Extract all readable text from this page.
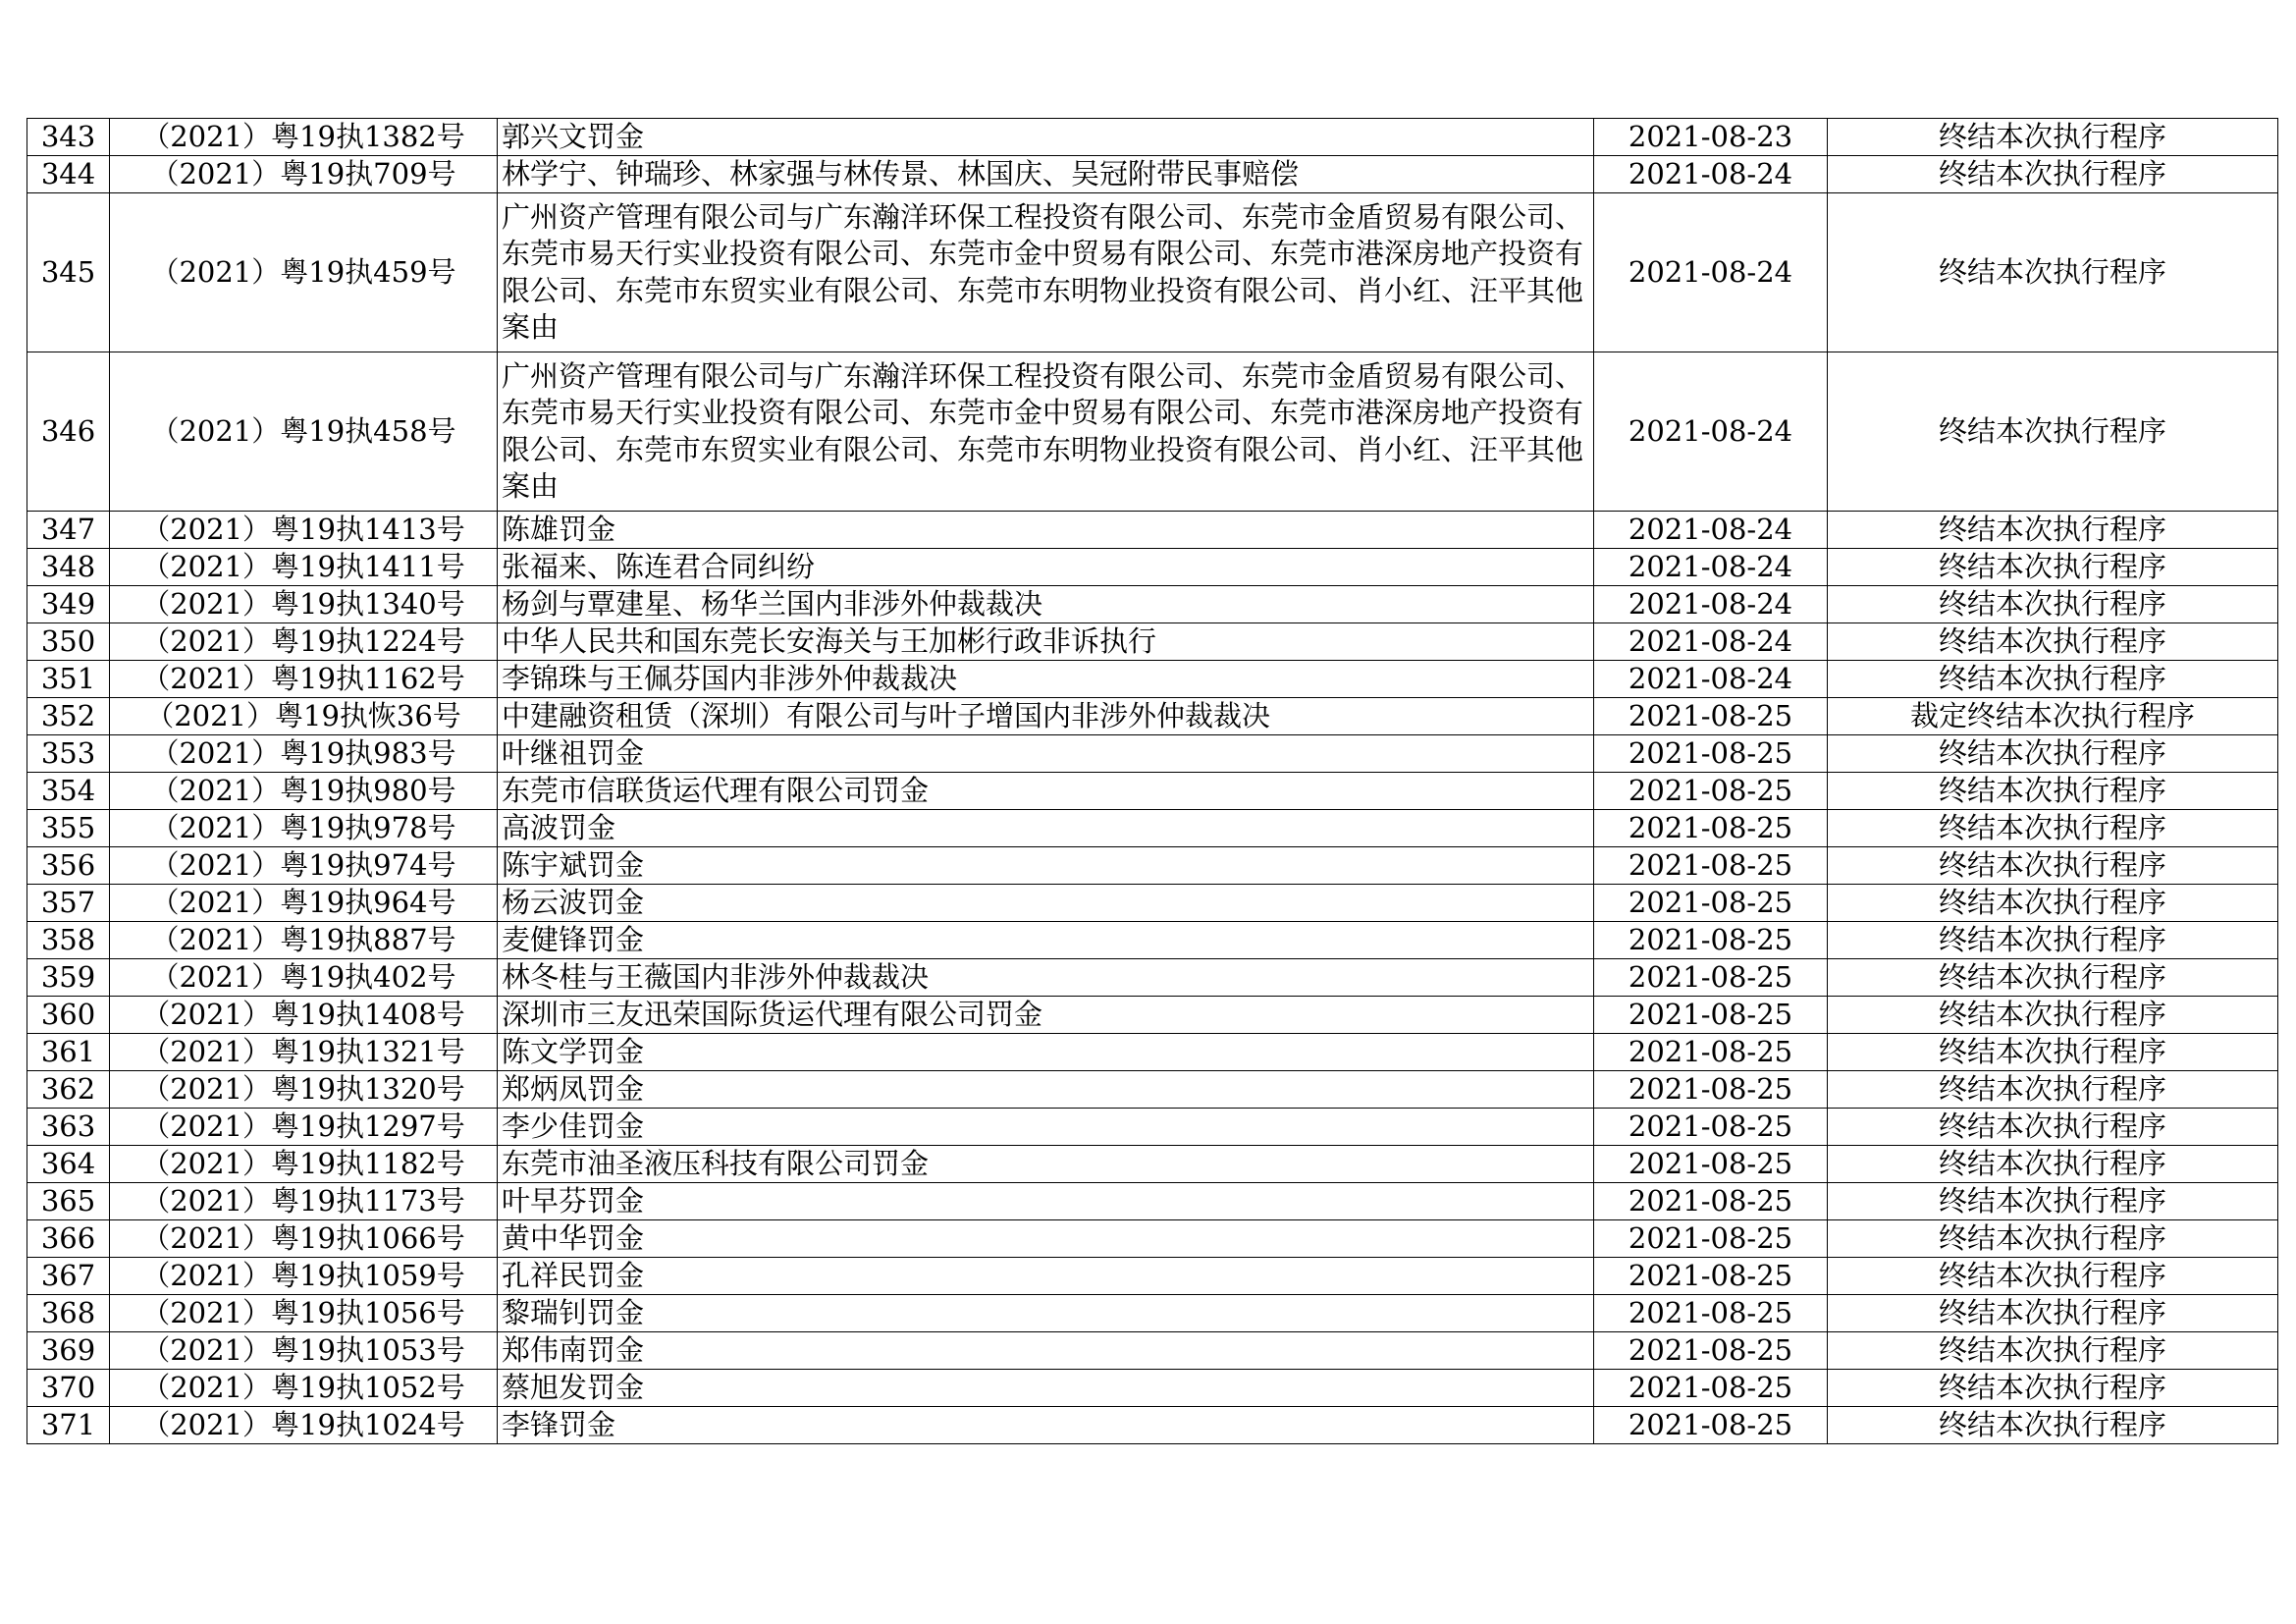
343	（2021）粤19执1382号	郭兴文罚金	2021-08-23	终结本次执行程序
344	（2021）粤19执709号	林学宁、钟瑞珍、林家强与林传景、林国庆、吴冠附带民事赔偿	2021-08-24	终结本次执行程序
345	（2021）粤19执459号	广州资产管理有限公司与广东瀚洋环保工程投资有限公司、东莞市金盾贸易有限公司、东莞市易天行实业投资有限公司、东莞市金中贸易有限公司、东莞市港深房地产投资有限公司、东莞市东贸实业有限公司、东莞市东明物业投资有限公司、肖小红、汪平其他案由	2021-08-24	终结本次执行程序
346	（2021）粤19执458号	广州资产管理有限公司与广东瀚洋环保工程投资有限公司、东莞市金盾贸易有限公司、东莞市易天行实业投资有限公司、东莞市金中贸易有限公司、东莞市港深房地产投资有限公司、东莞市东贸实业有限公司、东莞市东明物业投资有限公司、肖小红、汪平其他案由	2021-08-24	终结本次执行程序
347	（2021）粤19执1413号	陈雄罚金	2021-08-24	终结本次执行程序
348	（2021）粤19执1411号	张福来、陈连君合同纠纷	2021-08-24	终结本次执行程序
349	（2021）粤19执1340号	杨剑与覃建星、杨华兰国内非涉外仲裁裁决	2021-08-24	终结本次执行程序
350	（2021）粤19执1224号	中华人民共和国东莞长安海关与王加彬行政非诉执行	2021-08-24	终结本次执行程序
351	（2021）粤19执1162号	李锦珠与王佩芬国内非涉外仲裁裁决	2021-08-24	终结本次执行程序
352	（2021）粤19执恢36号	中建融资租赁（深圳）有限公司与叶子增国内非涉外仲裁裁决	2021-08-25	裁定终结本次执行程序
353	（2021）粤19执983号	叶继祖罚金	2021-08-25	终结本次执行程序
354	（2021）粤19执980号	东莞市信联货运代理有限公司罚金	2021-08-25	终结本次执行程序
355	（2021）粤19执978号	高波罚金	2021-08-25	终结本次执行程序
356	（2021）粤19执974号	陈宇斌罚金	2021-08-25	终结本次执行程序
357	（2021）粤19执964号	杨云波罚金	2021-08-25	终结本次执行程序
358	（2021）粤19执887号	麦健锋罚金	2021-08-25	终结本次执行程序
359	（2021）粤19执402号	林冬桂与王薇国内非涉外仲裁裁决	2021-08-25	终结本次执行程序
360	（2021）粤19执1408号	深圳市三友迅荣国际货运代理有限公司罚金	2021-08-25	终结本次执行程序
361	（2021）粤19执1321号	陈文学罚金	2021-08-25	终结本次执行程序
362	（2021）粤19执1320号	郑炳凤罚金	2021-08-25	终结本次执行程序
363	（2021）粤19执1297号	李少佳罚金	2021-08-25	终结本次执行程序
364	（2021）粤19执1182号	东莞市油圣液压科技有限公司罚金	2021-08-25	终结本次执行程序
365	（2021）粤19执1173号	叶早芬罚金	2021-08-25	终结本次执行程序
366	（2021）粤19执1066号	黄中华罚金	2021-08-25	终结本次执行程序
367	（2021）粤19执1059号	孔祥民罚金	2021-08-25	终结本次执行程序
368	（2021）粤19执1056号	黎瑞钊罚金	2021-08-25	终结本次执行程序
369	（2021）粤19执1053号	郑伟南罚金	2021-08-25	终结本次执行程序
370	（2021）粤19执1052号	蔡旭发罚金	2021-08-25	终结本次执行程序
371	（2021）粤19执1024号	李锋罚金	2021-08-25	终结本次执行程序
